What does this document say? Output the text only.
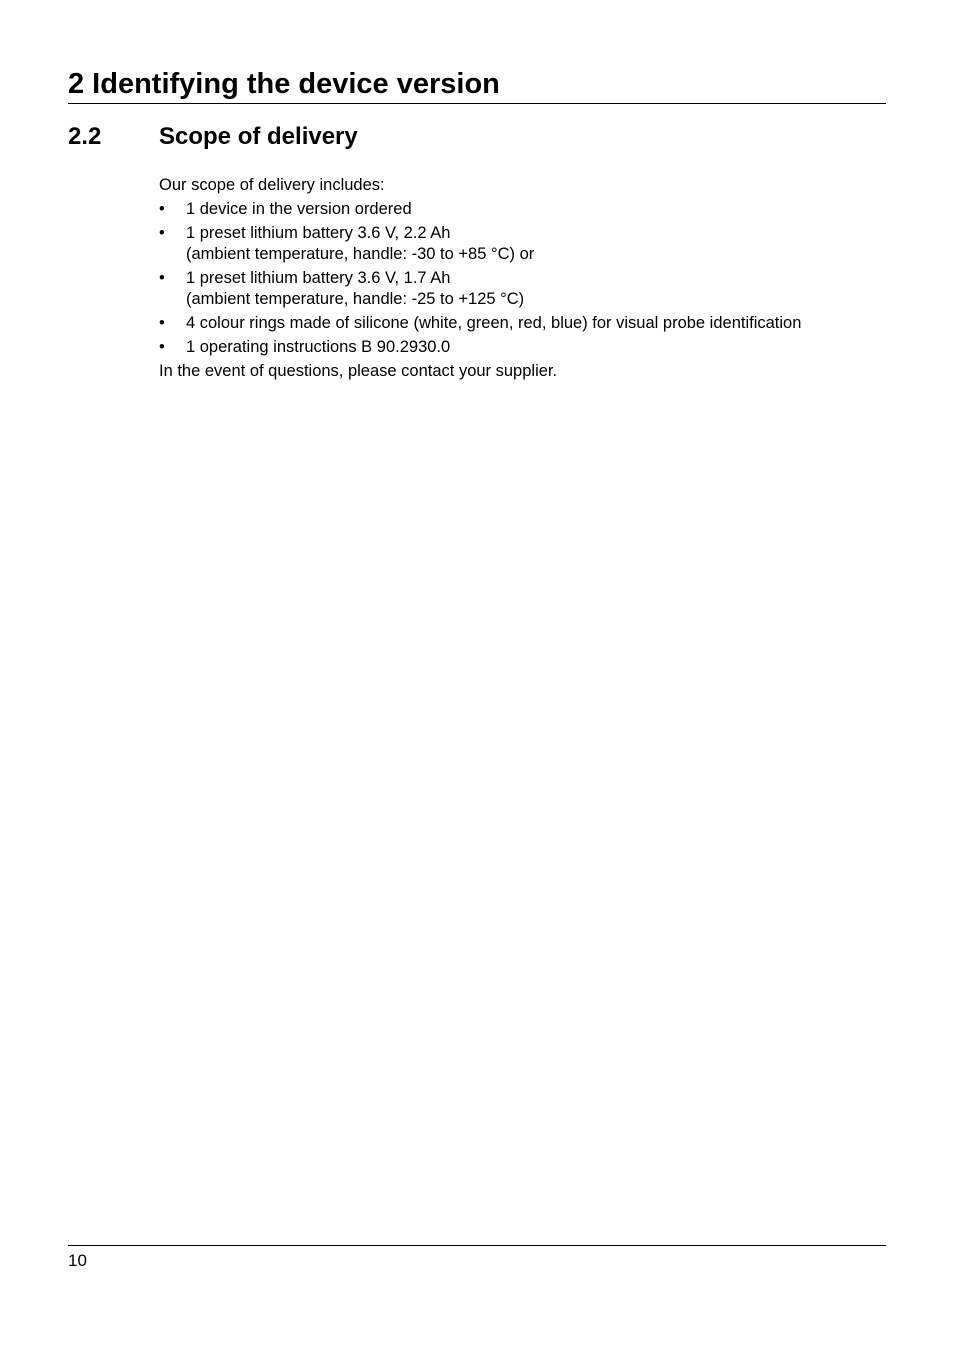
2 Identifying the device version
2.2 Scope of delivery

Our scope of delivery includes:

• 1 device in the version ordered
• 1 preset lithium battery 3.6 V, 2.2 Ah
(ambient temperature, handle: -30 to +85 °C) or
• 1 preset lithium battery 3.6 V, 1.7 Ah
(ambient temperature, handle: -25 to +125 °C)
• 4 colour rings made of silicone (white, green, red, blue) for visual probe identification
• 1 operating instructions B 90.2930.0

In the event of questions, please contact your supplier.

10
